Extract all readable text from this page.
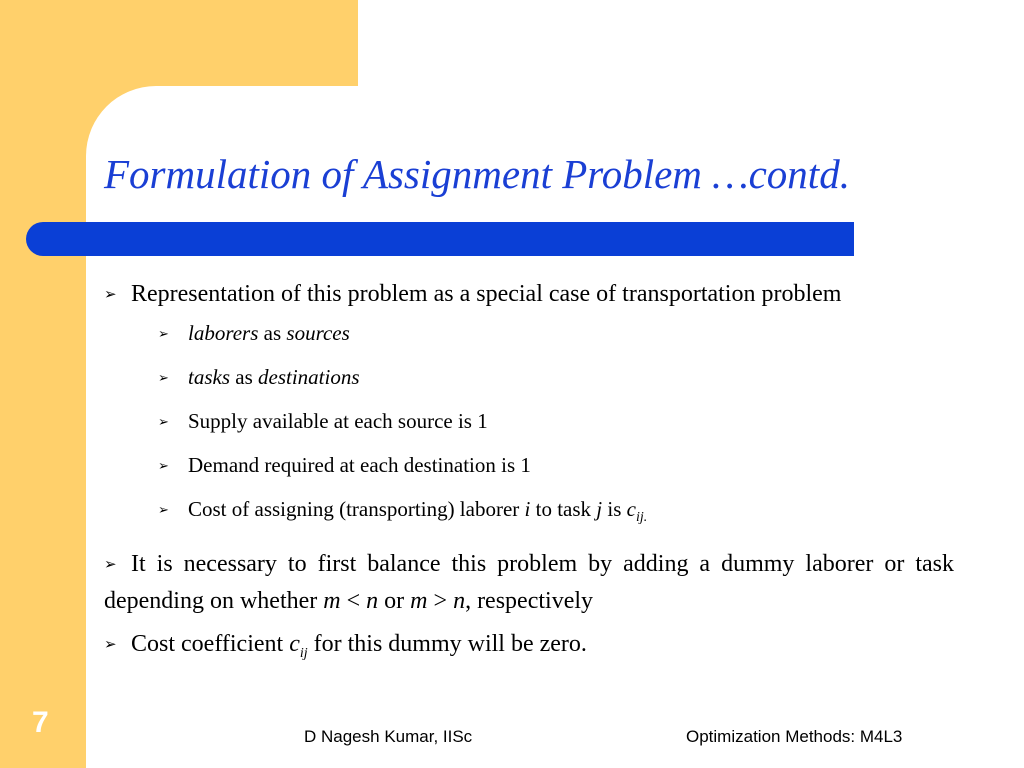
Formulation of Assignment Problem …contd.

➢ Representation of this problem as a special case of transportation problem

➢ laborers as sources

➢ tasks as destinations

➢ Supply available at each source is 1

➢ Demand required at each destination is 1

➢ Cost of assigning (transporting) laborer i to task j is $c_{ij.}$

➢ It is necessary to first balance this problem by adding a dummy laborer or task depending on whether m < n or m > n, respectively

➢ Cost coefficient $c_{ij}$ for this dummy will be zero.

7	D Nagesh Kumar, IISc	Optimization Methods: M4L3
